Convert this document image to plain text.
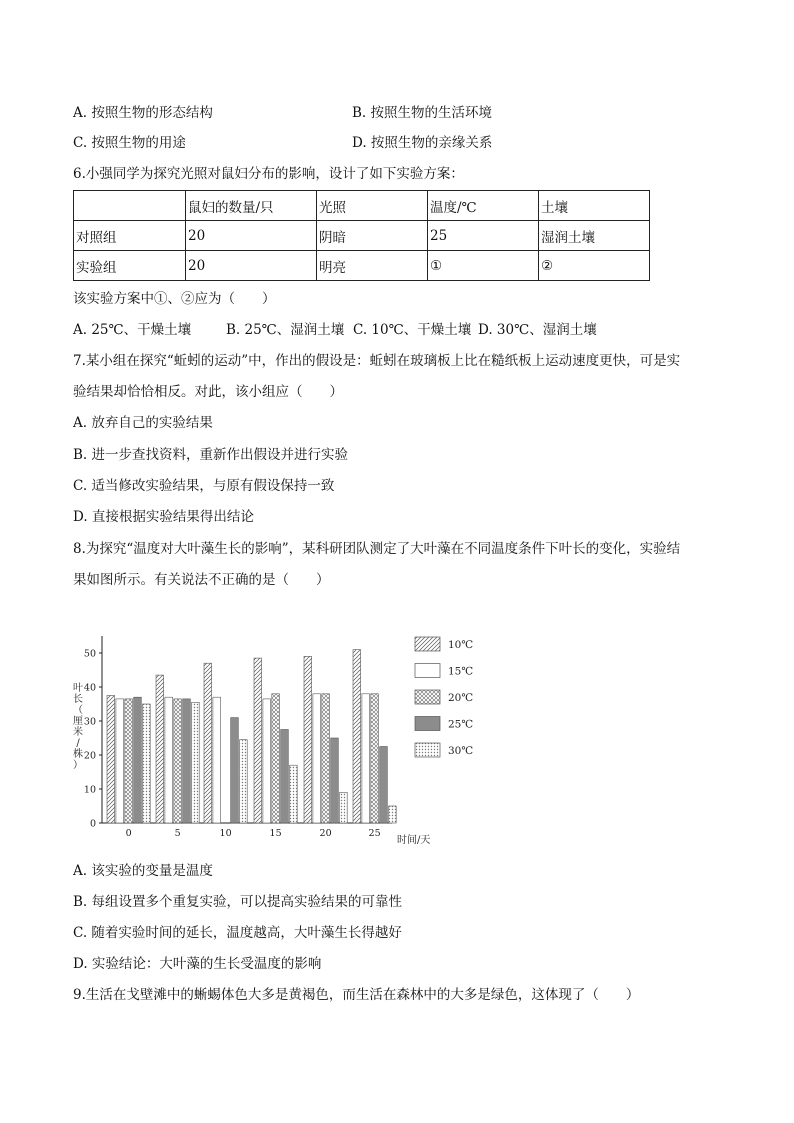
A. 按照生物的形态结构	B. 按照生物的生活环境
C. 按照生物的用途	D. 按照生物的亲缘关系
6.小强同学为探究光照对鼠妇分布的影响，设计了如下实验方案：
	鼠妇的数量/只	光照	温度/℃	土壤
对照组	20	阴暗	25	湿润土壤
实验组	20	明亮	①	②
该实验方案中①、②应为（　　）
A. 25℃、干燥土壤	B. 25℃、湿润土壤 C. 10℃、干燥土壤 D. 30℃、湿润土壤
7.某小组在探究“蚯蚓的运动”中，作出的假设是：蚯蚓在玻璃板上比在糙纸板上运动速度更快，可是实
验结果却恰恰相反。对此，该小组应（　　）
A. 放弃自己的实验结果
B. 进一步查找资料，重新作出假设并进行实验
C. 适当修改实验结果，与原有假设保持一致
D. 直接根据实验结果得出结论
8.为探究“温度对大叶藻生长的影响”，某科研团队测定了大叶藻在不同温度条件下叶长的变化，实验结
果如图所示。有关说法不正确的是（　　）
0
10
20
30
40
50
叶
长
（
厘
米
/
株
）
0	5	10	15	20	25
时间/天
10℃
15℃
20℃
25℃
30℃
A. 该实验的变量是温度
B. 每组设置多个重复实验，可以提高实验结果的可靠性
C. 随着实验时间的延长，温度越高，大叶藻生长得越好
D. 实验结论：大叶藻的生长受温度的影响
9.生活在戈壁滩中的蜥蜴体色大多是黄褐色，而生活在森林中的大多是绿色，这体现了（　　）
